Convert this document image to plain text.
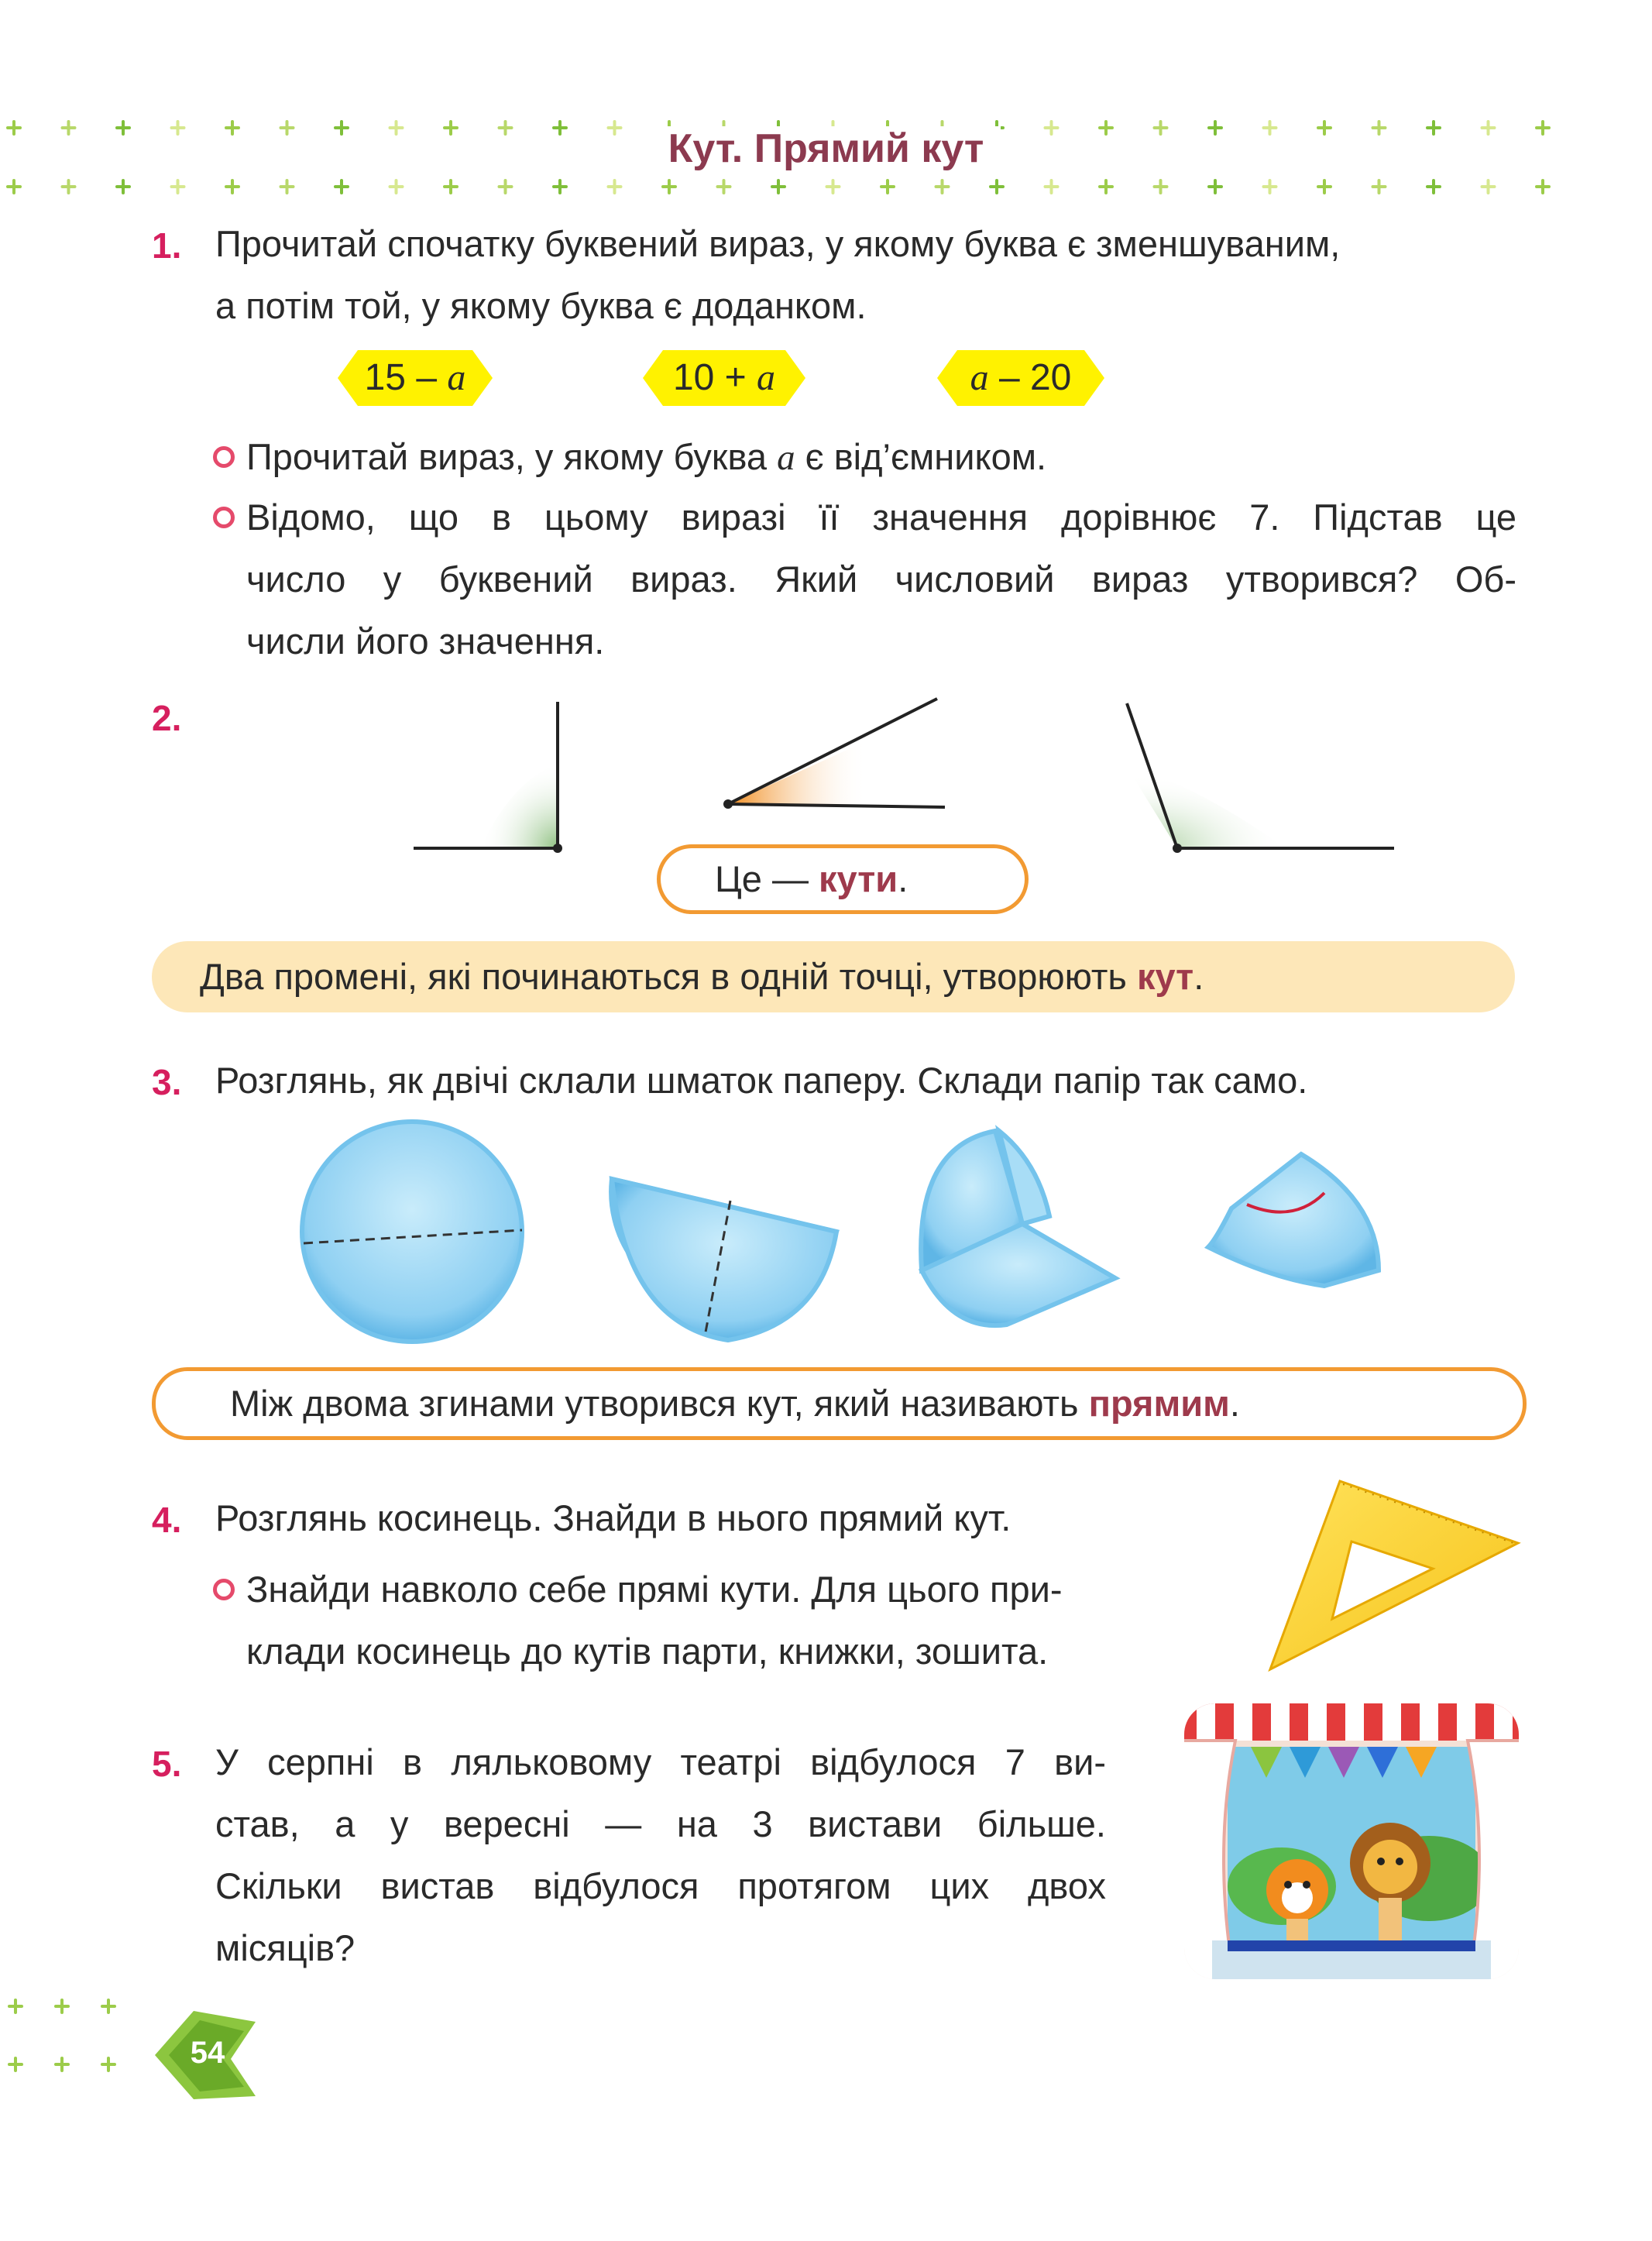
Кут. Прямий кут
1. Прочитай спочатку буквений вираз, у якому буква є зменшуваним,
а потім той, у якому буква є доданком.
15 – a	10 + a	a – 20
Прочитай вираз, у якому буква a є від’ємником.
Відомо, що в цьому виразі її значення дорівнює 7. Підстав це
число у буквений вираз. Який числовий вираз утворився? Об-
числи його значення.
2.
Це — кути.
Два промені, які починаються в одній точці, утворюють кут.
3. Розглянь, як двічі склали шматок паперу. Склади папір так само.
Між двома згинами утворився кут, який називають прямим.
4. Розглянь косинець. Знайди в нього прямий кут.
Знайди навколо себе прямі кути. Для цього при-
клади косинець до кутів парти, книжки, зошита.
5. У серпні в ляльковому театрі відбулося 7 ви-
став, а у вересні — на 3 вистави більше.
Скільки вистав відбулося протягом цих двох
місяців?
54
